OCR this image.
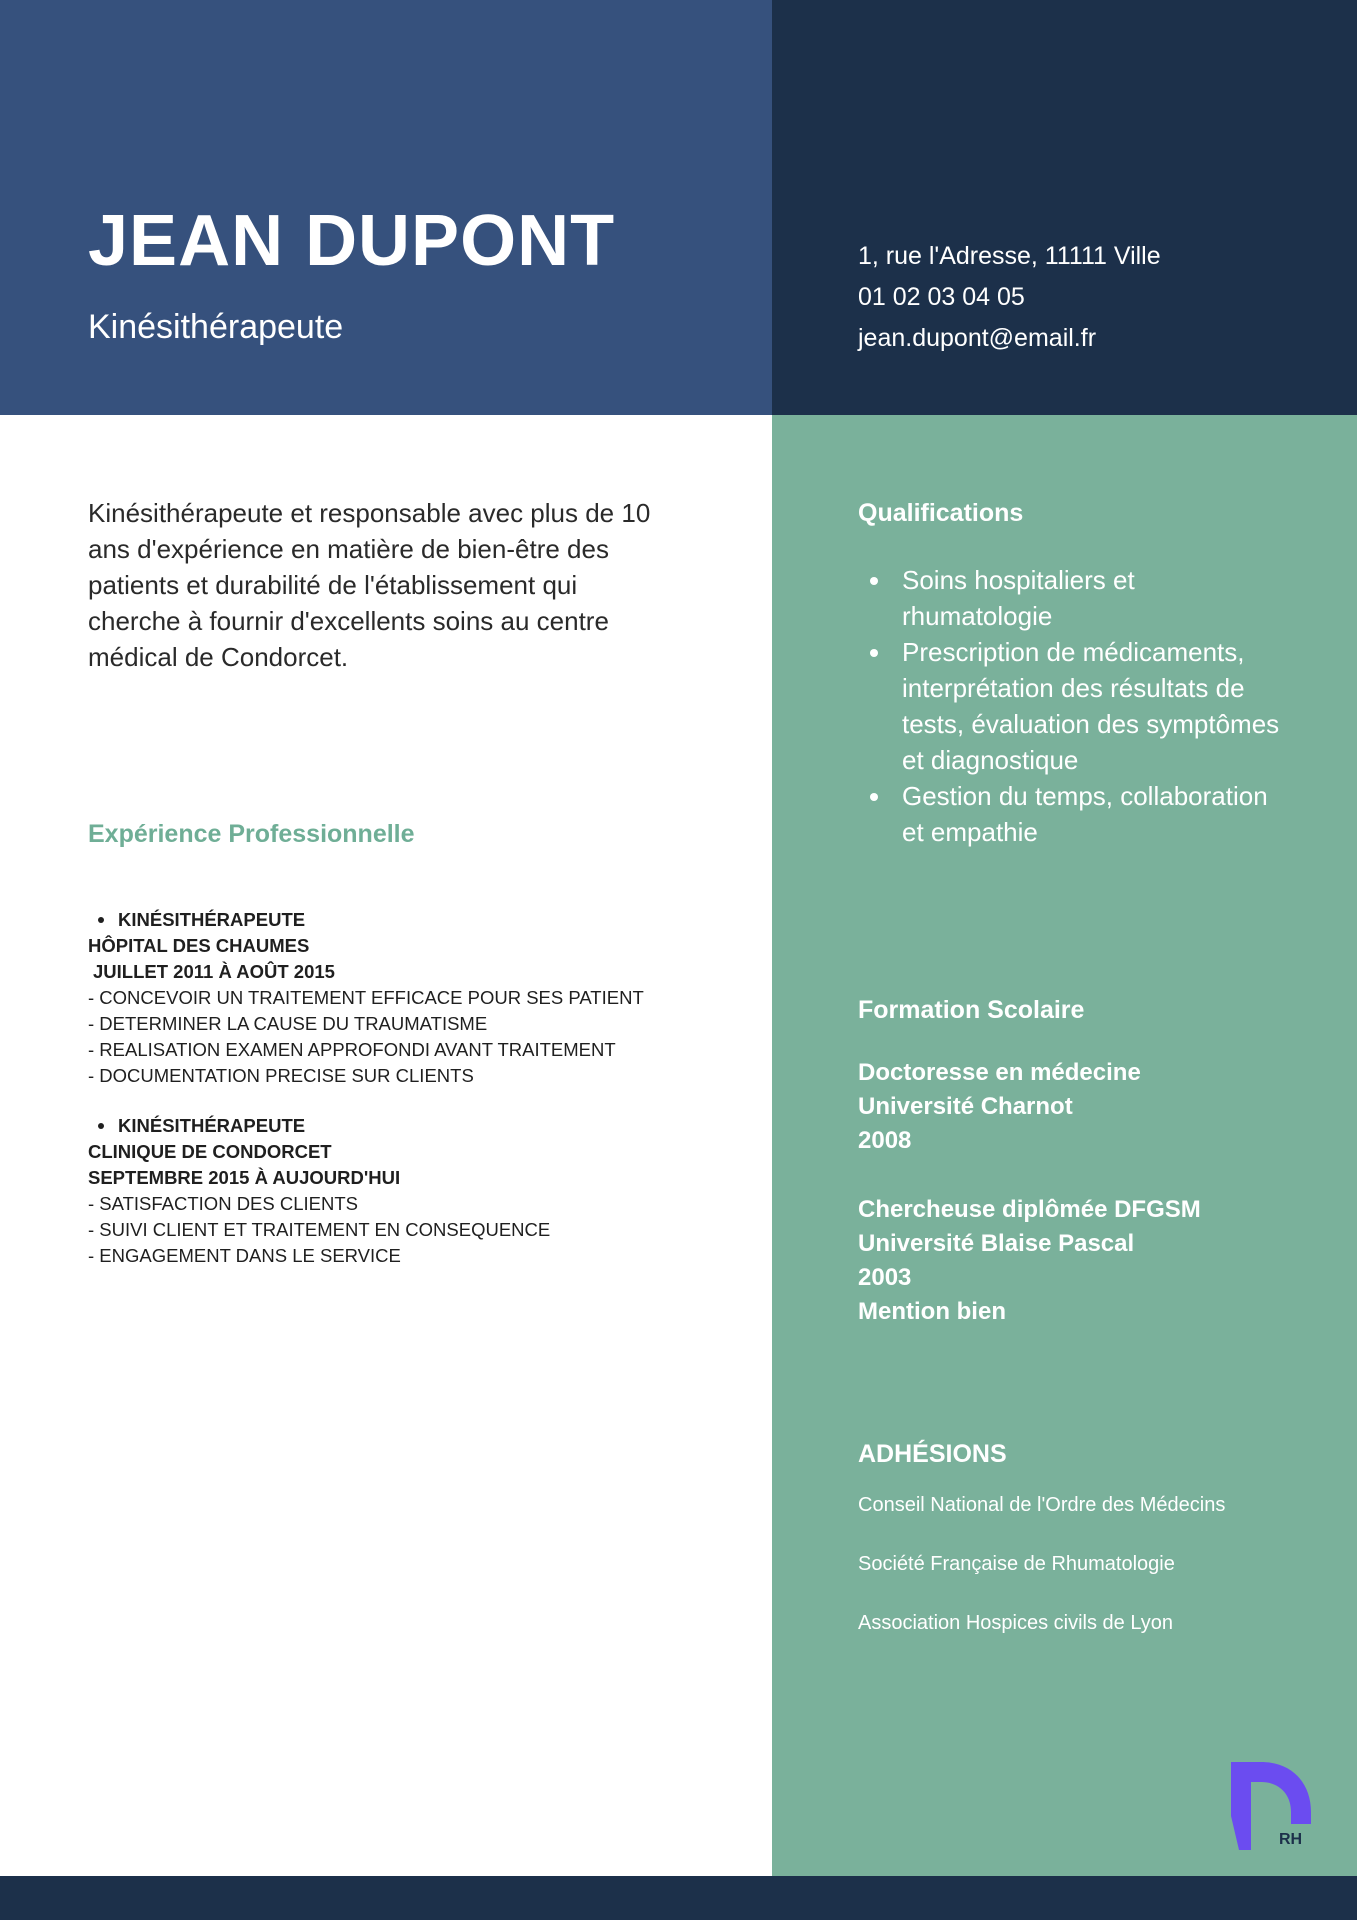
JEAN DUPONT
Kinésithérapeute
1, rue l'Adresse, 11111 Ville
01 02 03 04 05
jean.dupont@email.fr

Kinésithérapeute et responsable avec plus de 10 ans d'expérience en matière de bien-être des patients et durabilité de l'établissement qui cherche à fournir d'excellents soins au centre médical de Condorcet.

Expérience Professionnelle
KINÉSITHÉRAPEUTE
HÔPITAL DES CHAUMES
JUILLET 2011 À AOÛT 2015
- CONCEVOIR UN TRAITEMENT EFFICACE POUR SES PATIENT
- DETERMINER LA CAUSE DU TRAUMATISME
- REALISATION EXAMEN APPROFONDI AVANT TRAITEMENT
- DOCUMENTATION PRECISE SUR CLIENTS
KINÉSITHÉRAPEUTE
CLINIQUE DE CONDORCET
SEPTEMBRE 2015 À AUJOURD'HUI
- SATISFACTION DES CLIENTS
- SUIVI CLIENT ET TRAITEMENT EN CONSEQUENCE
- ENGAGEMENT DANS LE SERVICE
Qualifications
Soins hospitaliers et rhumatologie
Prescription de médicaments, interprétation des résultats de tests, évaluation des symptômes et diagnostique
Gestion du temps, collaboration et empathie
Formation Scolaire
Doctoresse en médecine
Université Charnot
2008
Chercheuse diplômée DFGSM
Université Blaise Pascal
2003
Mention bien
ADHÉSIONS
Conseil National de l'Ordre des Médecins
Société Française de Rhumatologie
Association Hospices civils de Lyon
RH
